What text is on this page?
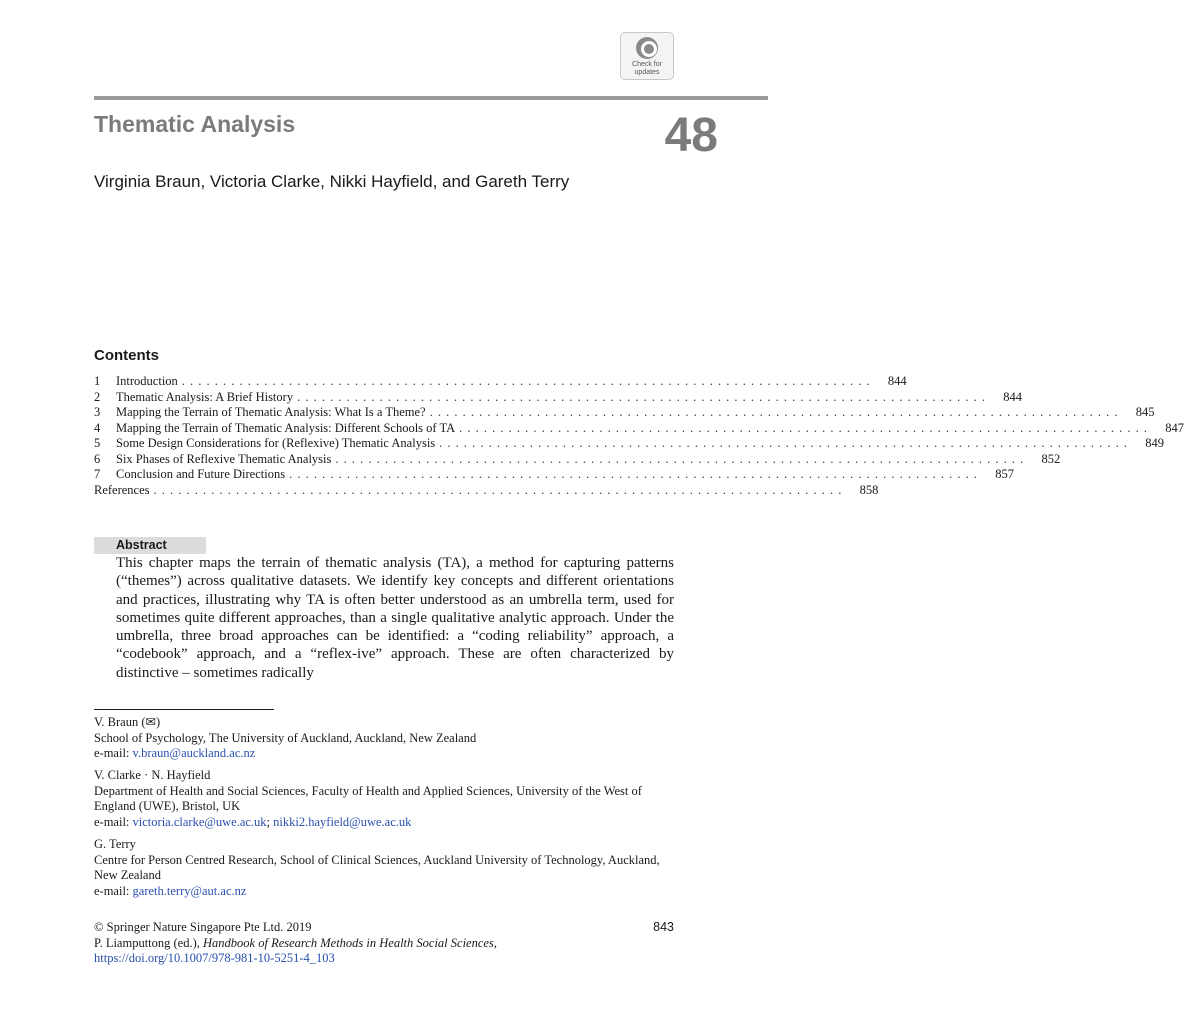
Check for
updates
Thematic Analysis	48
Virginia Braun, Victoria Clarke, Nikki Hayfield, and Gareth Terry
Contents
1	Introduction . . . . . . . . . . . . . . . . . . . . . . . . . . . . . . . . . . . . . . . . . . . . . . . . . . . . . . . . . . . . . . . . . . . . . . . . . . . . . . . . . . . .	844
2	Thematic Analysis: A Brief History . . . . . . . . . . . . . . . . . . . . . . . . . . . . . . . . . . . . . . . . . . . . . . . . . . . . . . . . . . . . . . . . . . . . . . . . . . . . . . . . . . . .	844
3	Mapping the Terrain of Thematic Analysis: What Is a Theme? . . . . . . . . . . . . . . . . . . . . . . . . . . . . . . . . . . . . . . . . . . . . . . . . . . . . . . . . . . . . . . . . . . . . . . . . . . . . . . . . . . . .	845
4	Mapping the Terrain of Thematic Analysis: Different Schools of TA . . . . . . . . . . . . . . . . . . . . . . . . . . . . . . . . . . . . . . . . . . . . . . . . . . . . . . . . . . . . . . . . . . . . . . . . . . . . . . . . . . . .	847
5	Some Design Considerations for (Reflexive) Thematic Analysis . . . . . . . . . . . . . . . . . . . . . . . . . . . . . . . . . . . . . . . . . . . . . . . . . . . . . . . . . . . . . . . . . . . . . . . . . . . . . . . . . . . .	849
6	Six Phases of Reflexive Thematic Analysis . . . . . . . . . . . . . . . . . . . . . . . . . . . . . . . . . . . . . . . . . . . . . . . . . . . . . . . . . . . . . . . . . . . . . . . . . . . . . . . . . . . .	852
7	Conclusion and Future Directions . . . . . . . . . . . . . . . . . . . . . . . . . . . . . . . . . . . . . . . . . . . . . . . . . . . . . . . . . . . . . . . . . . . . . . . . . . . . . . . . . . . .	857
References . . . . . . . . . . . . . . . . . . . . . . . . . . . . . . . . . . . . . . . . . . . . . . . . . . . . . . . . . . . . . . . . . . . . . . . . . . . . . . . . . . . .	858
Abstract
This chapter maps the terrain of thematic analysis (TA), a method for capturing patterns (“themes”) across qualitative datasets. We identify key concepts and different orientations and practices, illustrating why TA is often better understood as an umbrella term, used for sometimes quite different approaches, than a single qualitative analytic approach. Under the umbrella, three broad approaches can be identified: a “coding reliability” approach, a “codebook” approach, and a “reflex-ive” approach. These are often characterized by distinctive – sometimes radically
V. Braun (✉)
School of Psychology, The University of Auckland, Auckland, New Zealand
e-mail: v.braun@auckland.ac.nz
V. Clarke · N. Hayfield
Department of Health and Social Sciences, Faculty of Health and Applied Sciences, University of the West of England (UWE), Bristol, UK
e-mail: victoria.clarke@uwe.ac.uk; nikki2.hayfield@uwe.ac.uk
G. Terry
Centre for Person Centred Research, School of Clinical Sciences, Auckland University of Technology, Auckland, New Zealand
e-mail: gareth.terry@aut.ac.nz
© Springer Nature Singapore Pte Ltd. 2019
P. Liamputtong (ed.), Handbook of Research Methods in Health Social Sciences,
https://doi.org/10.1007/978-981-10-5251-4_103
843
